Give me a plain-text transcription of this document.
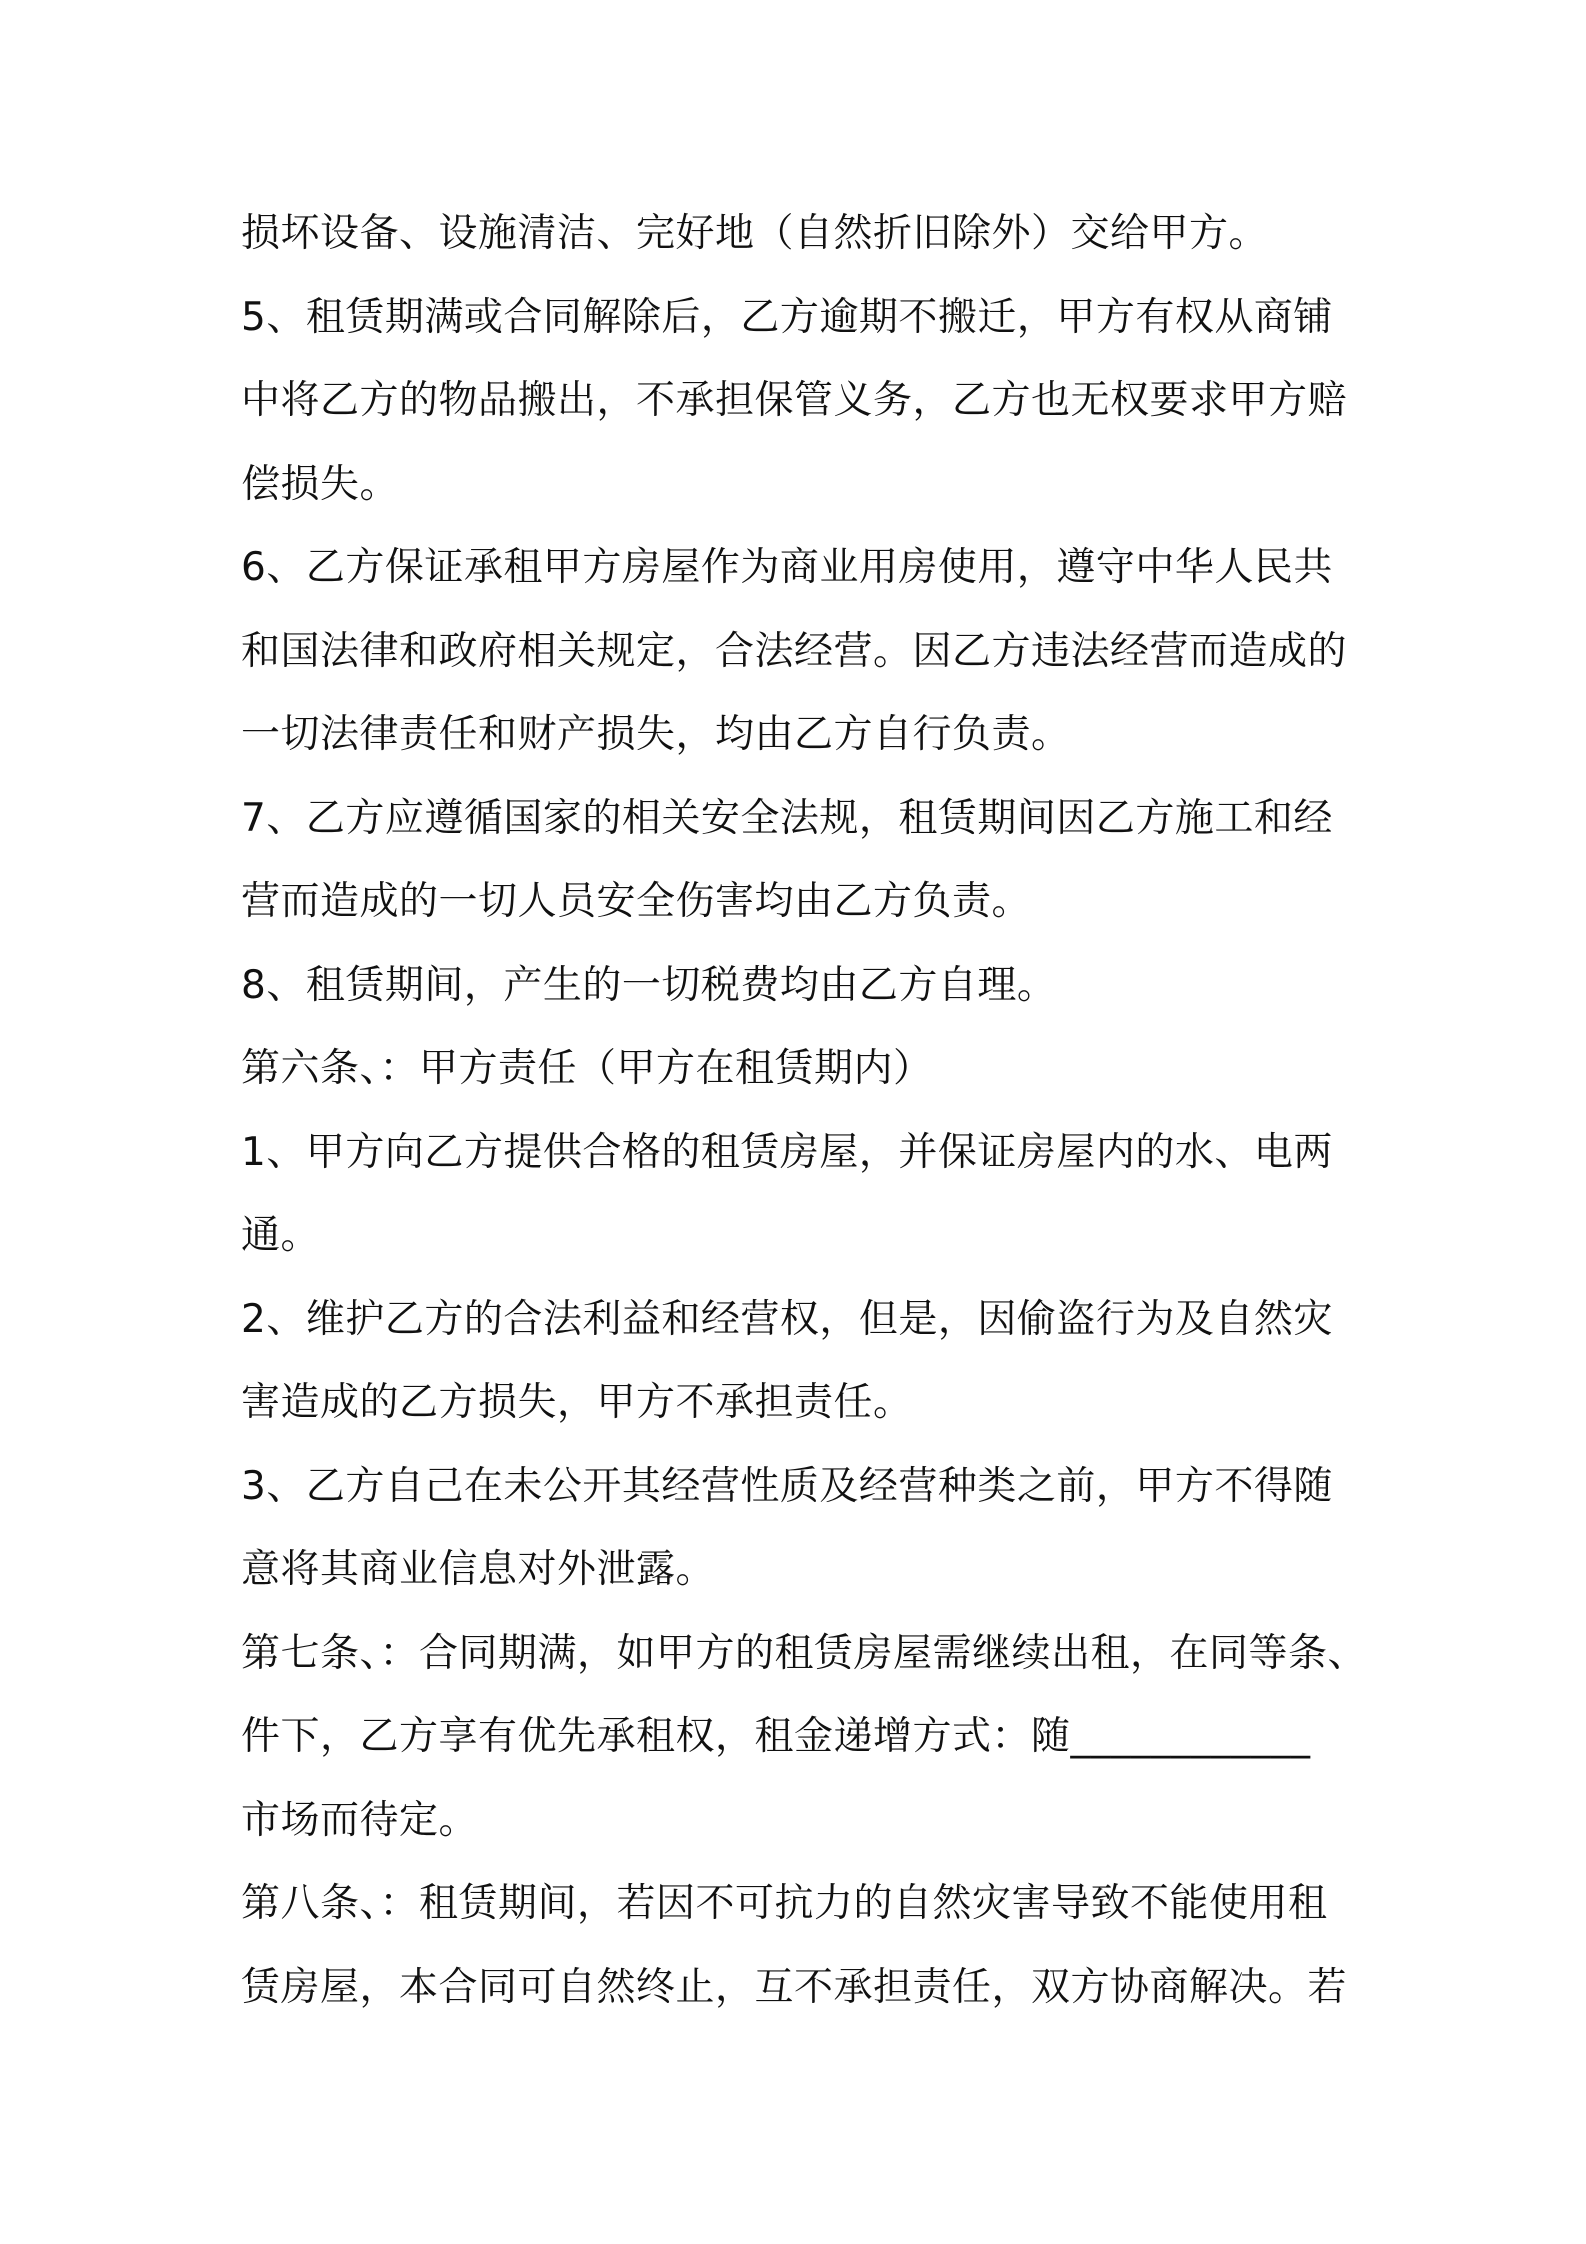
损坏设备、设施清洁、完好地（自然折旧除外）交给甲方。
5、租赁期满或合同解除后，乙方逾期不搬迁，甲方有权从商铺
中将乙方的物品搬出，不承担保管义务，乙方也无权要求甲方赔
偿损失。
6、乙方保证承租甲方房屋作为商业用房使用，遵守中华人民共
和国法律和政府相关规定，合法经营。因乙方违法经营而造成的
一切法律责任和财产损失，均由乙方自行负责。
7、乙方应遵循国家的相关安全法规，租赁期间因乙方施工和经
营而造成的一切人员安全伤害均由乙方负责。
8、租赁期间，产生的一切税费均由乙方自理。
第六条、：甲方责任（甲方在租赁期内）
1、甲方向乙方提供合格的租赁房屋，并保证房屋内的水、电两
通。
2、维护乙方的合法利益和经营权，但是，因偷盗行为及自然灾
害造成的乙方损失，甲方不承担责任。
3、乙方自己在未公开其经营性质及经营种类之前，甲方不得随
意将其商业信息对外泄露。
第七条、：合同期满，如甲方的租赁房屋需继续出租，在同等条、
件下，乙方享有优先承租权，租金递增方式：随____________
市场而待定。
第八条、：租赁期间，若因不可抗力的自然灾害导致不能使用租
赁房屋，本合同可自然终止，互不承担责任，双方协商解决。若
